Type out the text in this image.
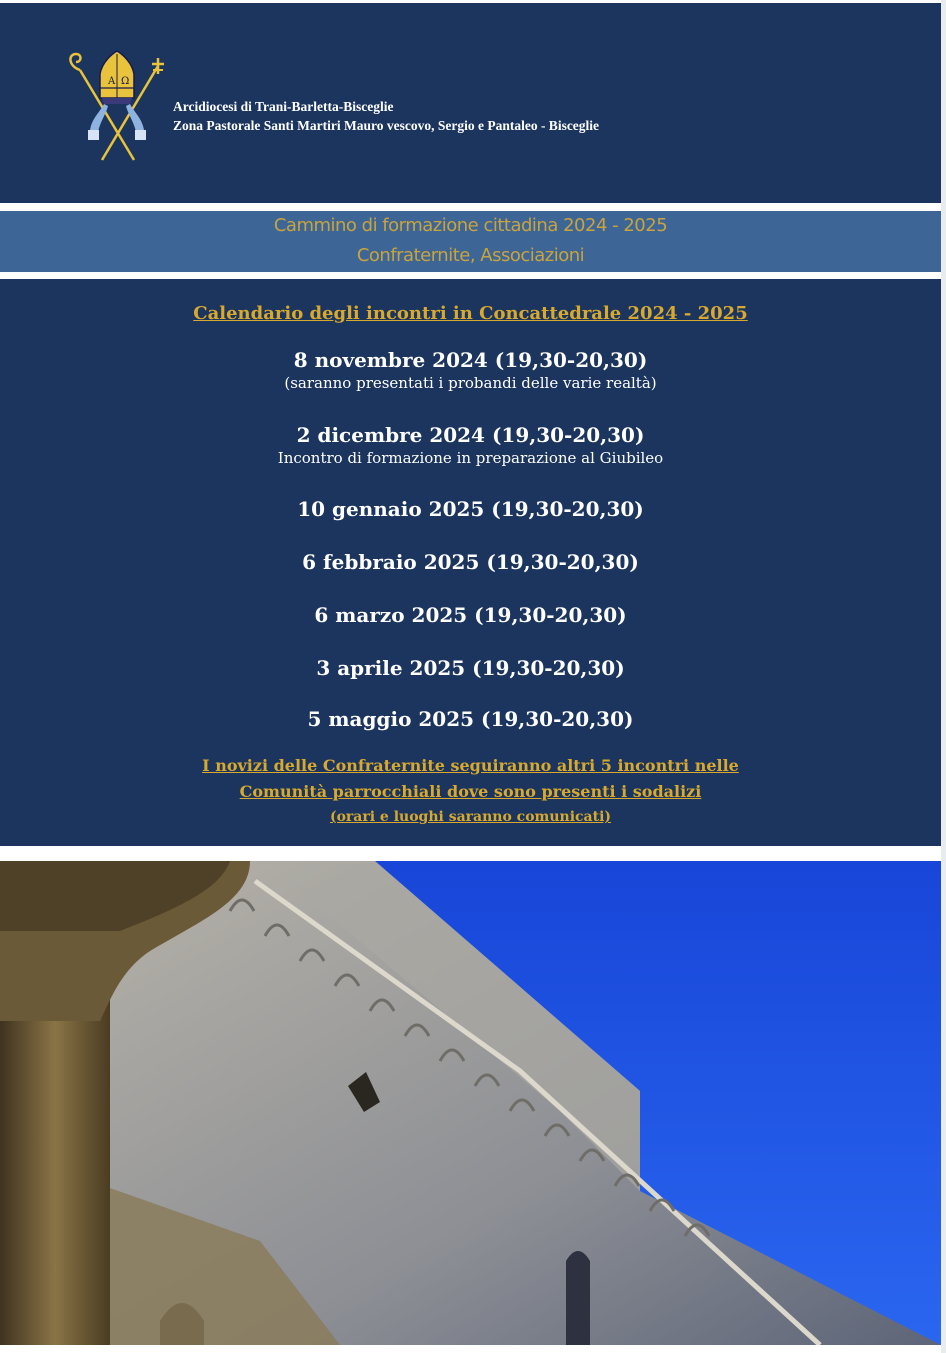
A Ω
Arcidiocesi di Trani-Barletta-Bisceglie
Zona Pastorale Santi Martiri Mauro vescovo, Sergio e Pantaleo - Bisceglie
Cammino di formazione cittadina 2024 - 2025
Confraternite, Associazioni
Calendario degli incontri in Concattedrale 2024 - 2025
8 novembre 2024 (19,30-20,30)
(saranno presentati i probandi delle varie realtà)
2 dicembre 2024 (19,30-20,30)
Incontro di formazione in preparazione al Giubileo
10 gennaio 2025 (19,30-20,30)
6 febbraio 2025 (19,30-20,30)
6 marzo 2025 (19,30-20,30)
3 aprile 2025 (19,30-20,30)
5 maggio 2025 (19,30-20,30)
I novizi delle Confraternite seguiranno altri 5 incontri nelle
Comunità parrocchiali dove sono presenti i sodalizi
(orari e luoghi saranno comunicati)
